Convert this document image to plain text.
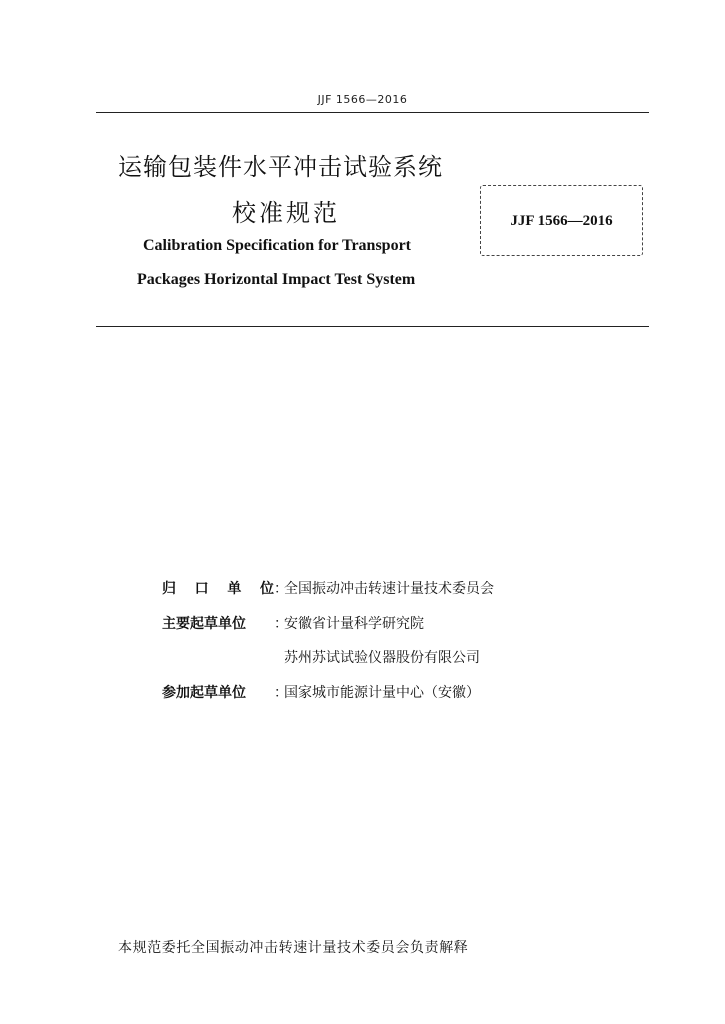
JJF 1566—2016
运输包装件水平冲击试验系统
校准规范
Calibration Specification for Transport
Packages Horizontal Impact Test System
JJF 1566—2016
归口单位 ：
全国振动冲击转速计量技术委员会
主要起草单位	：
安徽省计量科学研究院
苏州苏试试验仪器股份有限公司
参加起草单位	：
国家城市能源计量中心（安徽）
本规范委托全国振动冲击转速计量技术委员会负责解释
